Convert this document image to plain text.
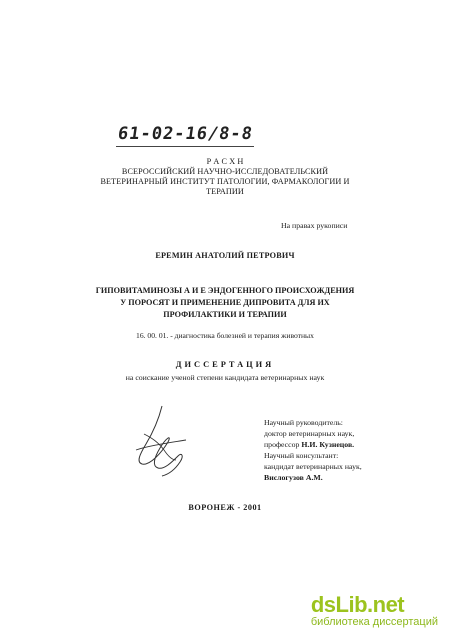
61-02-16/8-8
Р А С Х Н
ВСЕРОССИЙСКИЙ НАУЧНО-ИССЛЕДОВАТЕЛЬСКИЙ
ВЕТЕРИНАРНЫЙ ИНСТИТУТ ПАТОЛОГИИ, ФАРМАКОЛОГИИ И
ТЕРАПИИ
На правах рукописи
ЕРЕМИН АНАТОЛИЙ ПЕТРОВИЧ
ГИПОВИТАМИНОЗЫ А И Е ЭНДОГЕННОГО ПРОИСХОЖДЕНИЯ
У ПОРОСЯТ И ПРИМЕНЕНИЕ ДИПРОВИТА ДЛЯ ИХ
ПРОФИЛАКТИКИ И ТЕРАПИИ
16. 00. 01. - диагностика болезней и терапия животных
ДИССЕРТАЦИЯ
на соискание ученой степени кандидата ветеринарных наук
Научный руководитель:
доктор ветеринарных наук,
профессор Н.И. Кузнецов.
Научный консультант:
кандидат ветеринарных наук,
Вислогузов А.М.
ВОРОНЕЖ - 2001
dsLib.net
библиотека диссертаций
